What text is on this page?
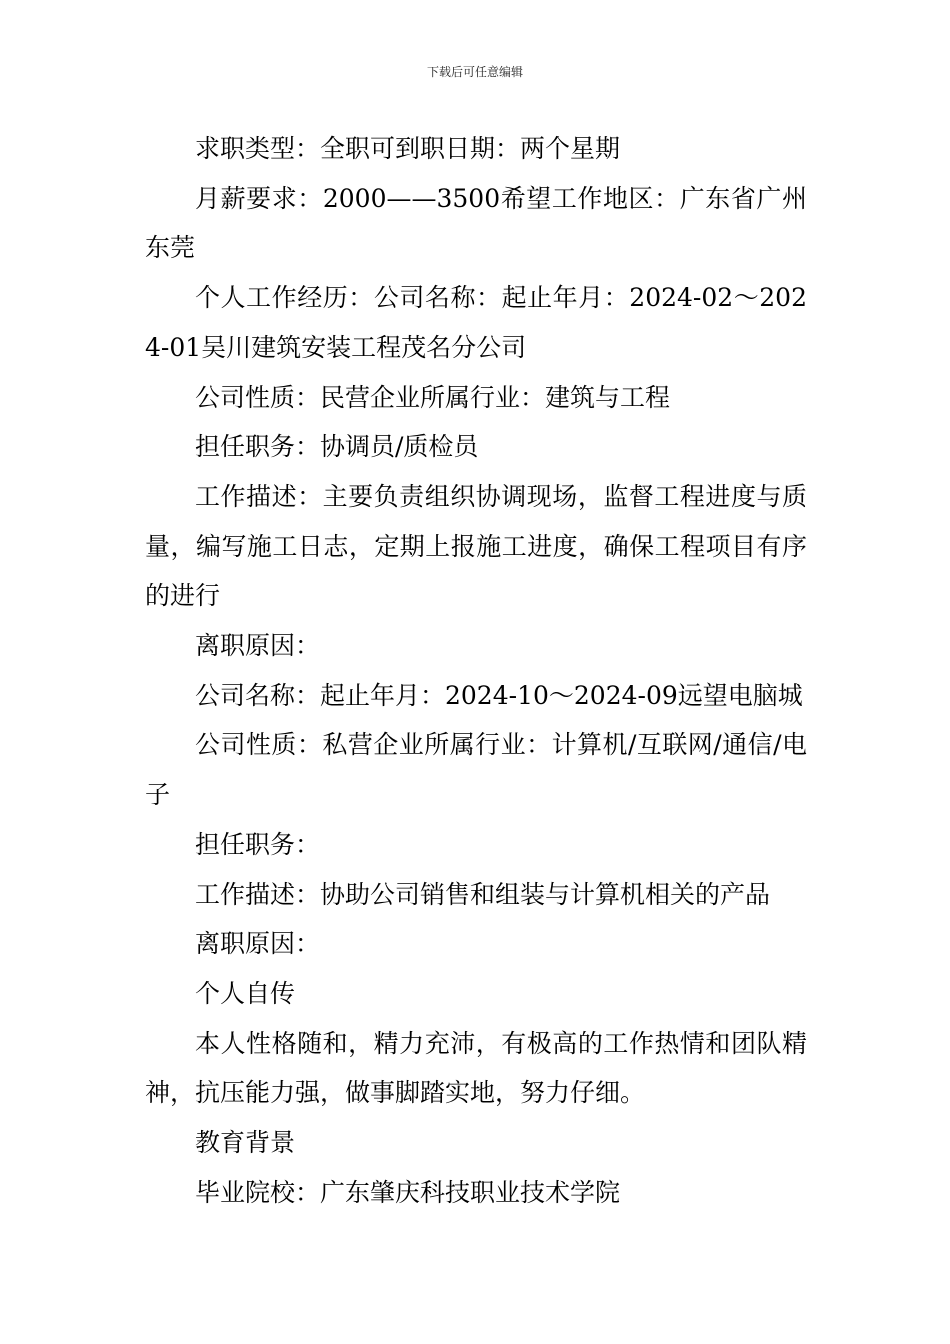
下载后可任意编辑

求职类型：全职可到职日期：两个星期

月薪要求：2000——3500希望工作地区：广东省广州东莞

个人工作经历：公司名称：起止年月：2024-02～2024-01吴川建筑安装工程茂名分公司

公司性质：民营企业所属行业：建筑与工程

担任职务：协调员/质检员

工作描述：主要负责组织协调现场，监督工程进度与质量，编写施工日志，定期上报施工进度，确保工程项目有序的进行

离职原因：

公司名称：起止年月：2024-10～2024-09远望电脑城

公司性质：私营企业所属行业：计算机/互联网/通信/电子

担任职务：

工作描述：协助公司销售和组装与计算机相关的产品

离职原因：

个人自传

本人性格随和，精力充沛，有极高的工作热情和团队精神，抗压能力强，做事脚踏实地，努力仔细。

教育背景

毕业院校：广东肇庆科技职业技术学院
